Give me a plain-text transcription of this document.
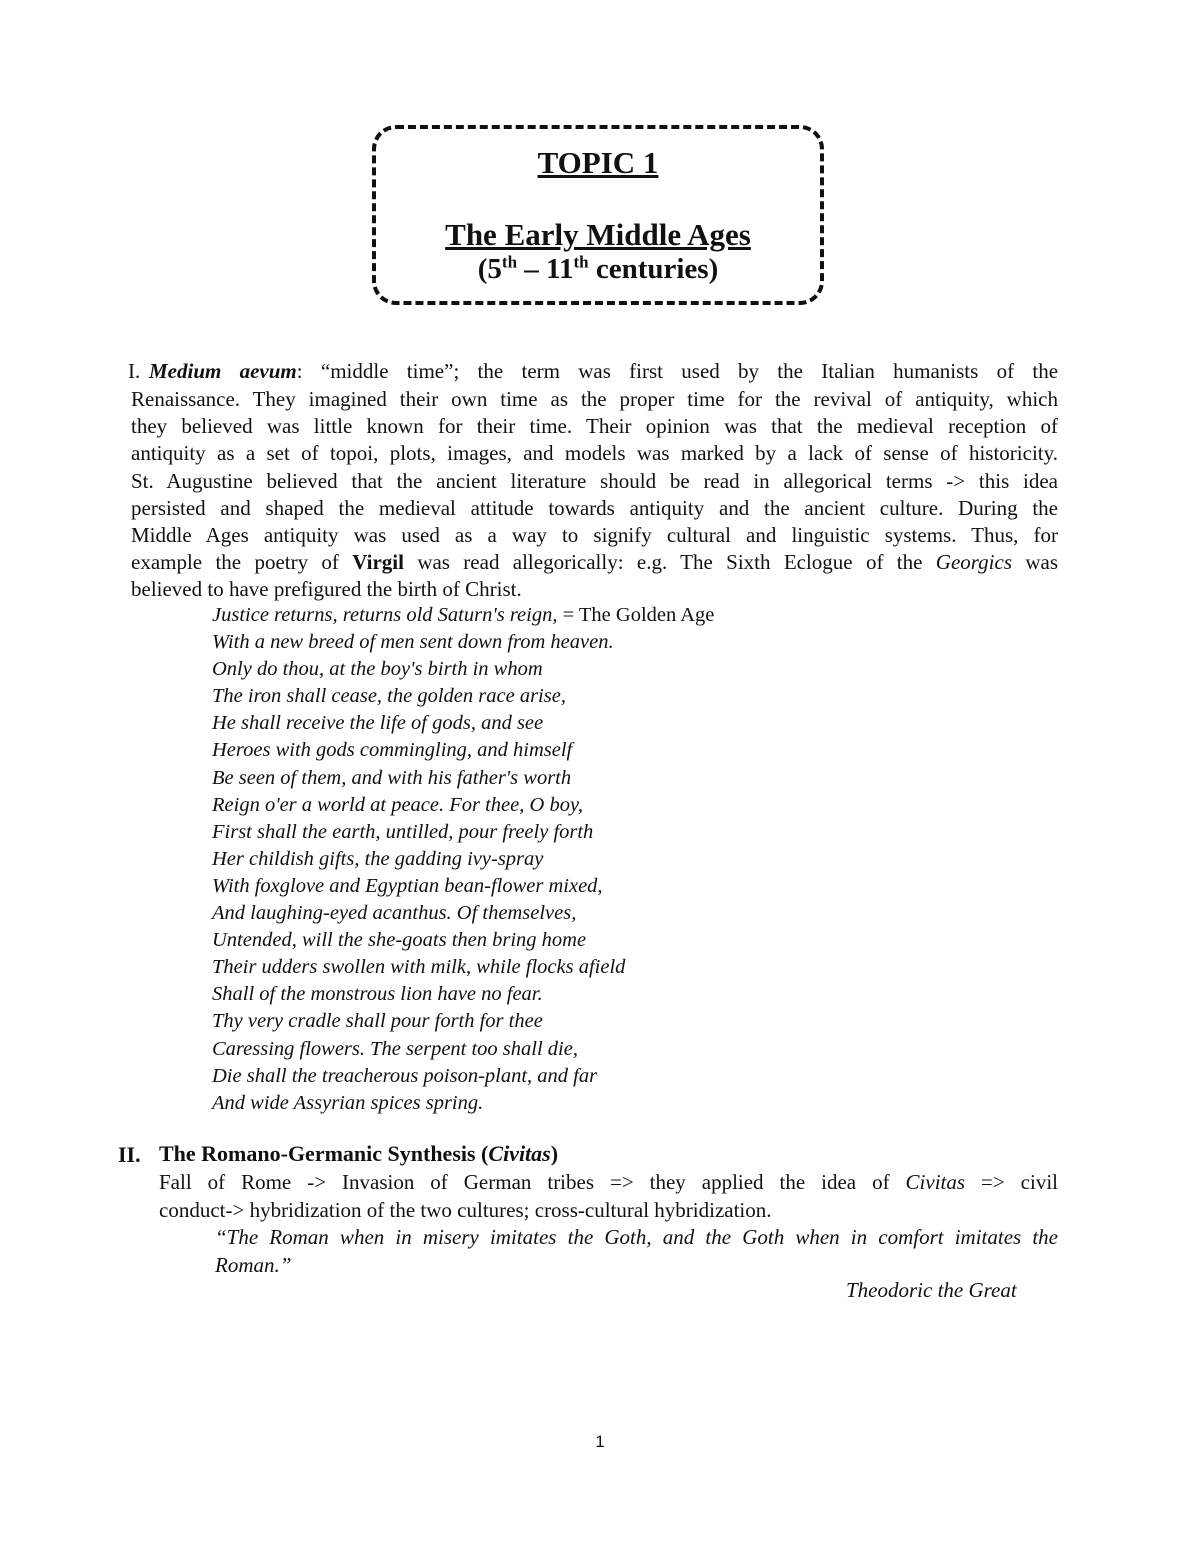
TOPIC 1
The Early Middle Ages
(5th – 11th centuries)
I. Medium aevum: “middle time”; the term was first used by the Italian humanists of the
Renaissance. They imagined their own time as the proper time for the revival of antiquity, which
they believed was little known for their time. Their opinion was that the medieval reception of
antiquity as a set of topoi, plots, images, and models was marked by a lack of sense of historicity.
St. Augustine believed that the ancient literature should be read in allegorical terms -> this idea
persisted and shaped the medieval attitude towards antiquity and the ancient culture. During the
Middle Ages antiquity was used as a way to signify cultural and linguistic systems. Thus, for
example the poetry of Virgil was read allegorically: e.g. The Sixth Eclogue of the Georgics was
believed to have prefigured the birth of Christ.
Justice returns, returns old Saturn's reign, = The Golden Age
With a new breed of men sent down from heaven.
Only do thou, at the boy's birth in whom
The iron shall cease, the golden race arise,
He shall receive the life of gods, and see
Heroes with gods commingling, and himself
Be seen of them, and with his father's worth
Reign o'er a world at peace. For thee, O boy,
First shall the earth, untilled, pour freely forth
Her childish gifts, the gadding ivy-spray
With foxglove and Egyptian bean-flower mixed,
And laughing-eyed acanthus. Of themselves,
Untended, will the she-goats then bring home
Their udders swollen with milk, while flocks afield
Shall of the monstrous lion have no fear.
Thy very cradle shall pour forth for thee
Caressing flowers. The serpent too shall die,
Die shall the treacherous poison-plant, and far
And wide Assyrian spices spring.
II. The Romano-Germanic Synthesis (Civitas)
Fall of Rome -> Invasion of German tribes => they applied the idea of Civitas => civil
conduct-> hybridization of the two cultures; cross-cultural hybridization.
“The Roman when in misery imitates the Goth, and the Goth when in comfort imitates the
Roman.”
Theodoric the Great
1
